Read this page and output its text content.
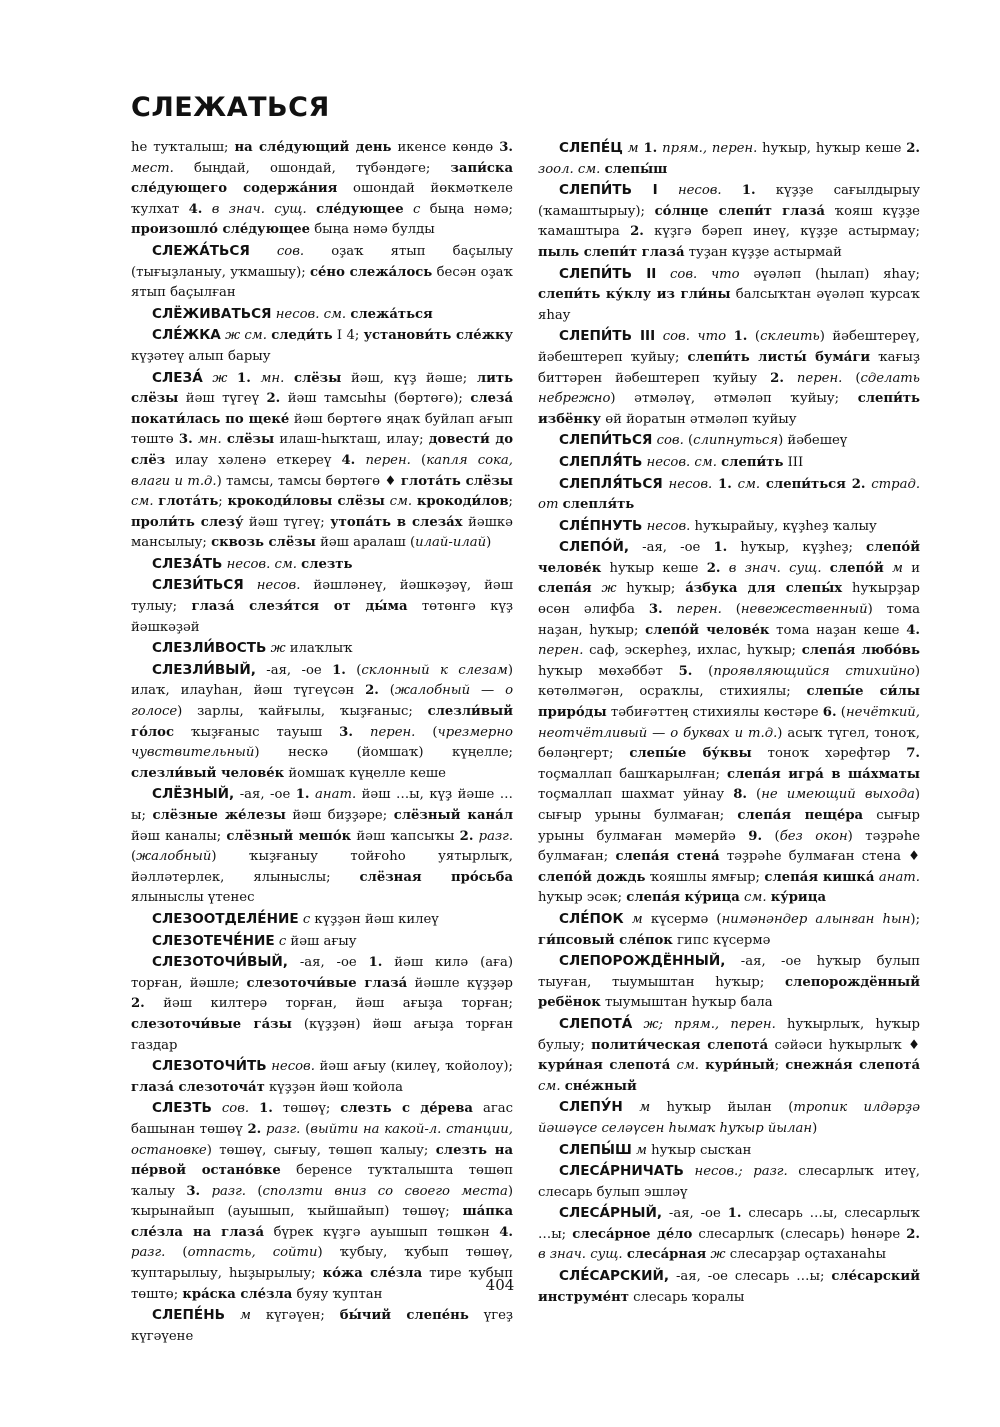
СЛЕЖАТЬСЯ

һе туҡталыш; на сле́дующий день икенсе көндө 3. мест. быңдай, ошондай, түбәндәге; запи́ска сле́дующего содержа́ния ошондай йөкмәткеле ҡулхат 4. в знач. сущ. сле́дующее с быңа нәмә; произошло́ сле́дующее быңа нәмә булды

СЛЕЖА́ТЬСЯ сов. оҙаҡ ятып баҫылыу (тығыҙланыу, уҡмашыу); се́но слежа́лось бесән оҙаҡ ятып баҫылған

СЛЁЖИВАТЬСЯ несов. см. слежа́ться

СЛЕ́ЖКА ж см. следи́ть I 4; установи́ть сле́жку күҙәтеү алып барыу

СЛЕЗА́ ж 1. мн. слёзы йәш, күҙ йәше; лить слёзы йәш түгеү 2. йәш тамсыһы (бөртөгө); слеза́ покати́лась по щеке́ йәш бөртөгө яңаҡ буйлап ағып төштө 3. мн. слёзы илаш-һыҡташ, илау; довести́ до слёз илау хәленә еткереү 4. перен. (капля сока, влаги и т.д.) тамсы, тамсы бөртөгө ♦ глота́ть слёзы см. глота́ть; крокоди́ловы слёзы см. крокоди́лов; проли́ть слезу́ йәш түгеү; утопа́ть в слеза́х йәшкә мансылыу; сквозь слёзы йәш аралаш (илай-илай)

СЛЕЗА́ТЬ несов. см. слезть

СЛЕЗИ́ТЬСЯ несов. йәшләнеү, йәшкәҙәү, йәш тулыу; глаза́ слезя́тся от ды́ма төтөнгә күҙ йәшкәҙәй

СЛЕЗЛИ́ВОСТЬ ж илаҡлыҡ

СЛЕЗЛИ́ВЫЙ, -ая, -ое 1. (склонный к слезам) илаҡ, илауһан, йәш түгеүсән 2. (жалобный — о голосе) зарлы, ҡайғылы, ҡыҙғаныс; слезли́вый го́лос ҡыҙғаныс тауыш 3. перен. (чрезмерно чувствительный) нескә (йомшаҡ) күңелле; слезли́вый челове́к йомшаҡ күңелле кеше

СЛЁЗНЫЙ, -ая, -ое 1. анат. йәш …ы, күҙ йәше …ы; слёзные же́лезы йәш биҙҙәре; слёзный кана́л йәш каналы; слёзный мешо́к йәш ҡапсыҡы 2. разг. (жалобный) ҡыҙғаныу тойғоһо уятырлыҡ, йәлләтерлек, ялыныслы; слёзная про́сьба ялыныслы үтенес

СЛЕЗООТДЕЛЕ́НИЕ с күҙҙән йәш килеү

СЛЕЗОТЕЧЕ́НИЕ с йәш ағыу

СЛЕЗОТОЧИ́ВЫЙ, -ая, -ое 1. йәш килә (аға) торған, йәшле; слезоточи́вые глаза́ йәшле күҙҙәр 2. йәш килтерә торған, йәш ағыҙа торған; слезоточи́вые га́зы (күҙҙән) йәш ағыҙа торған газдар

СЛЕЗОТОЧИ́ТЬ несов. йәш ағыу (килеү, ҡойолоу); глаза́ слезоточа́т күҙҙән йәш ҡойола

СЛЕЗТЬ сов. 1. төшөү; слезть с де́рева агас башынан төшөү 2. разг. (выйти на какой-л. станции, остановке) төшөү, сығыу, төшөп ҡалыу; слезть на пе́рвой остано́вке беренсе туҡталышта төшөп ҡалыу 3. разг. (сползти вниз со своего места) ҡырынайып (ауышып, ҡыйшайып) төшөү; ша́пка сле́зла на глаза́ бүрек күҙгә ауышып төшкән 4. разг. (отпасть, сойти) ҡубыу, ҡубып төшөү, ҡуптарылыу, һыҙырылыу; ко́жа сле́зла тире ҡубып төштө; кра́ска сле́зла буяу ҡуптан

СЛЕПЕ́НЬ м күгәүен; бы́чий слепе́нь үгеҙ күгәүене

СЛЕПЕ́Ц м 1. прям., перен. һуҡыр, һуҡыр кеше 2. зоол. см. слепы́ш

СЛЕПИ́ТЬ I несов. 1. күҙҙе сағылдырыу (ҡамаштырыу); со́лнце слепи́т глаза́ ҡояш күҙҙе ҡамаштыра 2. күҙгә бәреп инеү, күҙҙе астырмау; пыль слепи́т глаза́ туҙан күҙҙе астырмай

СЛЕПИ́ТЬ II сов. что әүәләп (һылап) яһау; слепи́ть ку́клу из гли́ны балсыҡтан әүәләп ҡурсаҡ яһау

СЛЕПИ́ТЬ III сов. что 1. (склеить) йәбештереү, йәбештереп ҡуйыу; слепи́ть листы́ бума́ги ҡағыҙ биттәрен йәбештереп ҡуйыу 2. перен. (сделать небрежно) әтмәләү, әтмәләп ҡуйыу; слепи́ть избёнку өй йоратын әтмәләп ҡуйыу

СЛЕПИ́ТЬСЯ сов. (слипнуться) йәбешеү

СЛЕПЛЯ́ТЬ несов. см. слепи́ть III

СЛЕПЛЯ́ТЬСЯ несов. 1. см. слепи́ться 2. страд. от слепля́ть

СЛЕ́ПНУТЬ несов. һуҡырайыу, күҙһеҙ ҡалыу

СЛЕПО́Й, -ая, -ое 1. һуҡыр, күҙһеҙ; слепо́й челове́к һуҡыр кеше 2. в знач. сущ. слепо́й м и слепа́я ж һуҡыр; а́збука для слепы́х һуҡырҙар өсөн әлифба 3. перен. (невежественный) тома наҙан, һуҡыр; слепо́й челове́к тома наҙан кеше 4. перен. саф, эскерһеҙ, ихлас, һуҡыр; слепа́я любо́вь һуҡыр мөхәббәт 5. (проявляющийся стихийно) көтөлмәгән, осраҡлы, стихиялы; слепы́е си́лы приро́ды тәбиғәттең стихиялы көстәре 6. (нечёткий, неотчётливый — о буквах и т.д.) асыҡ түгел, тоноҡ, бөләңгерт; слепы́е бу́квы тоноҡ хәрефтәр 7. тоҫмаллап башҡарылған; слепа́я игра́ в ша́хматы тоҫмаллап шахмат уйнау 8. (не имеющий выхода) сығыр урыны булмаған; слепа́я пеще́ра сығыр урыны булмаған мәмерйә 9. (без окон) тәҙрәһе булмаған; слепа́я стена́ тәҙрәһе булмаған стена ♦ слепо́й дождь ҡояшлы ямғыр; слепа́я кишка́ анат. һуҡыр эсәк; слепа́я ку́рица см. ку́рица

СЛЕ́ПОК м күсермә (нимәнәндер алынған һын); ги́псовый сле́пок гипс күсермә

СЛЕПОРОЖДЁННЫЙ, -ая, -ое һуҡыр булып тыуған, тыумыштан һуҡыр; слепорождённый ребёнок тыумыштан һуҡыр бала

СЛЕПОТА́ ж; прям., перен. һуҡырлыҡ, һуҡыр булыу; полити́ческая слепота́ сәйәси һуҡырлыҡ ♦ кури́ная слепота́ см. кури́ный; снежна́я слепота́ см. сне́жный

СЛЕПУ́Н м һуҡыр йылан (тропик илдәрҙә йәшәүсе селәүсен һымаҡ һуҡыр йылан)

СЛЕПЫ́Ш м һуҡыр сысҡан

СЛЕСА́РНИЧАТЬ несов.; разг. слесарлыҡ итеү, слесарь булып эшләү

СЛЕСА́РНЫЙ, -ая, -ое 1. слесарь …ы, слесарлыҡ …ы; слеса́рное де́ло слесарлыҡ (слесарь) һөнәре 2. в знач. сущ. слеса́рная ж слесарҙар оҫтаханаһы

СЛЕ́САРСКИЙ, -ая, -ое слесарь …ы; сле́сарский инструме́нт слесарь ҡоралы

404
